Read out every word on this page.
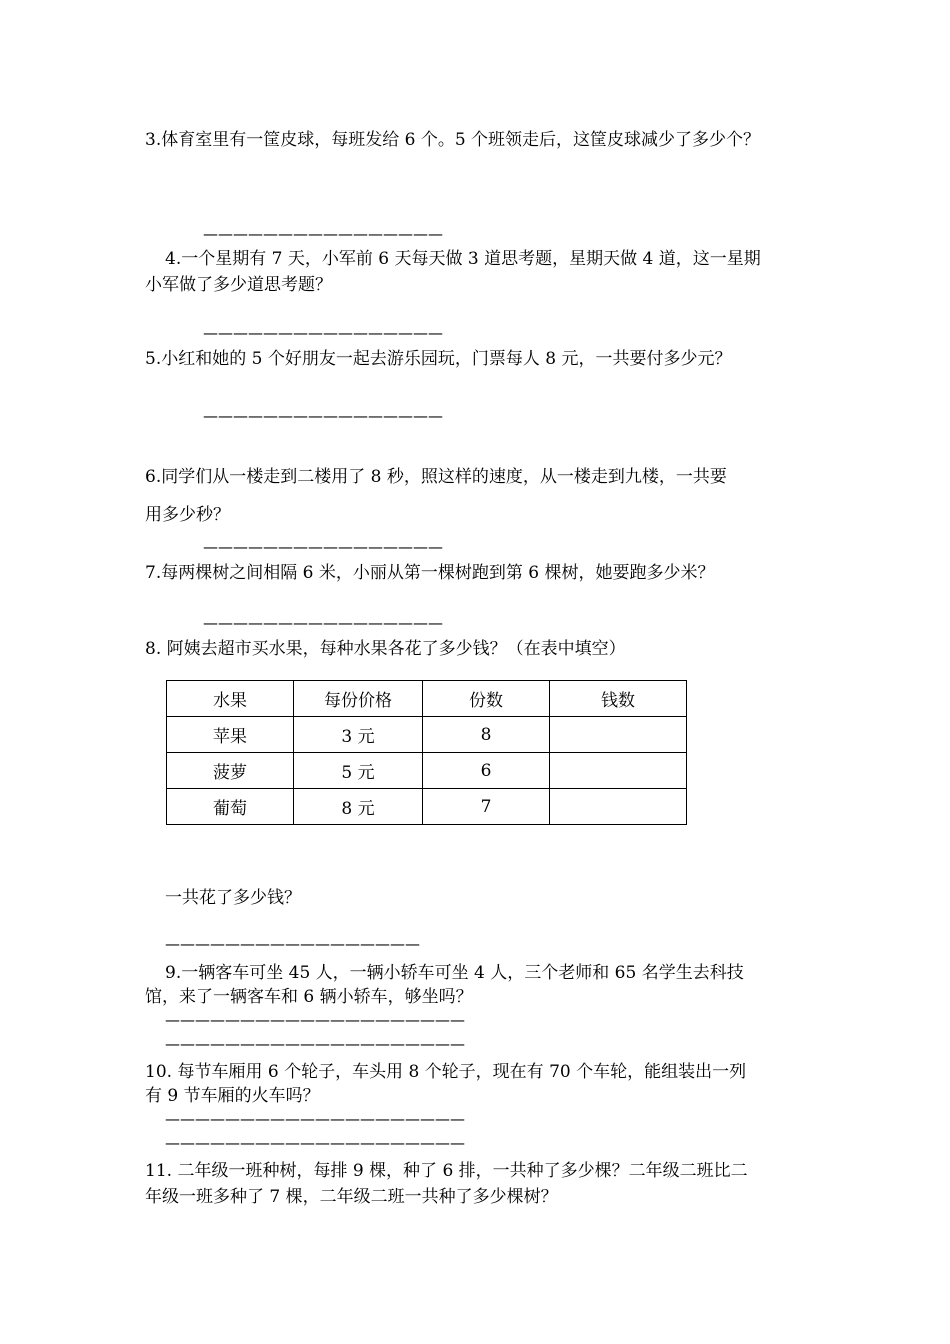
3.体育室里有一筐皮球，每班发给 6 个。5 个班领走后，这筐皮球减少了多少个？
————————————————
4.一个星期有 7 天，小军前 6 天每天做 3 道思考题，星期天做 4 道，这一星期
小军做了多少道思考题？
————————————————
5.小红和她的 5 个好朋友一起去游乐园玩，门票每人 8 元，一共要付多少元？
————————————————
6.同学们从一楼走到二楼用了 8 秒，照这样的速度，从一楼走到九楼，一共要
用多少秒？
————————————————
7.每两棵树之间相隔 6 米，小丽从第一棵树跑到第 6 棵树，她要跑多少米？
————————————————
8. 阿姨去超市买水果，每种水果各花了多少钱？（在表中填空）
水果	每份价格	份数	钱数
苹果	3 元	8	
菠萝	5 元	6	
葡萄	8 元	7	
一共花了多少钱？
—————————————————
9.一辆客车可坐 45 人，一辆小轿车可坐 4 人，三个老师和 65 名学生去科技
馆，来了一辆客车和 6 辆小轿车，够坐吗？
————————————————————
————————————————————
10. 每节车厢用 6 个轮子，车头用 8 个轮子，现在有 70 个车轮，能组装出一列
有 9 节车厢的火车吗？
————————————————————
————————————————————
11. 二年级一班种树，每排 9 棵，种了 6 排，一共种了多少棵？二年级二班比二
年级一班多种了 7 棵，二年级二班一共种了多少棵树？
